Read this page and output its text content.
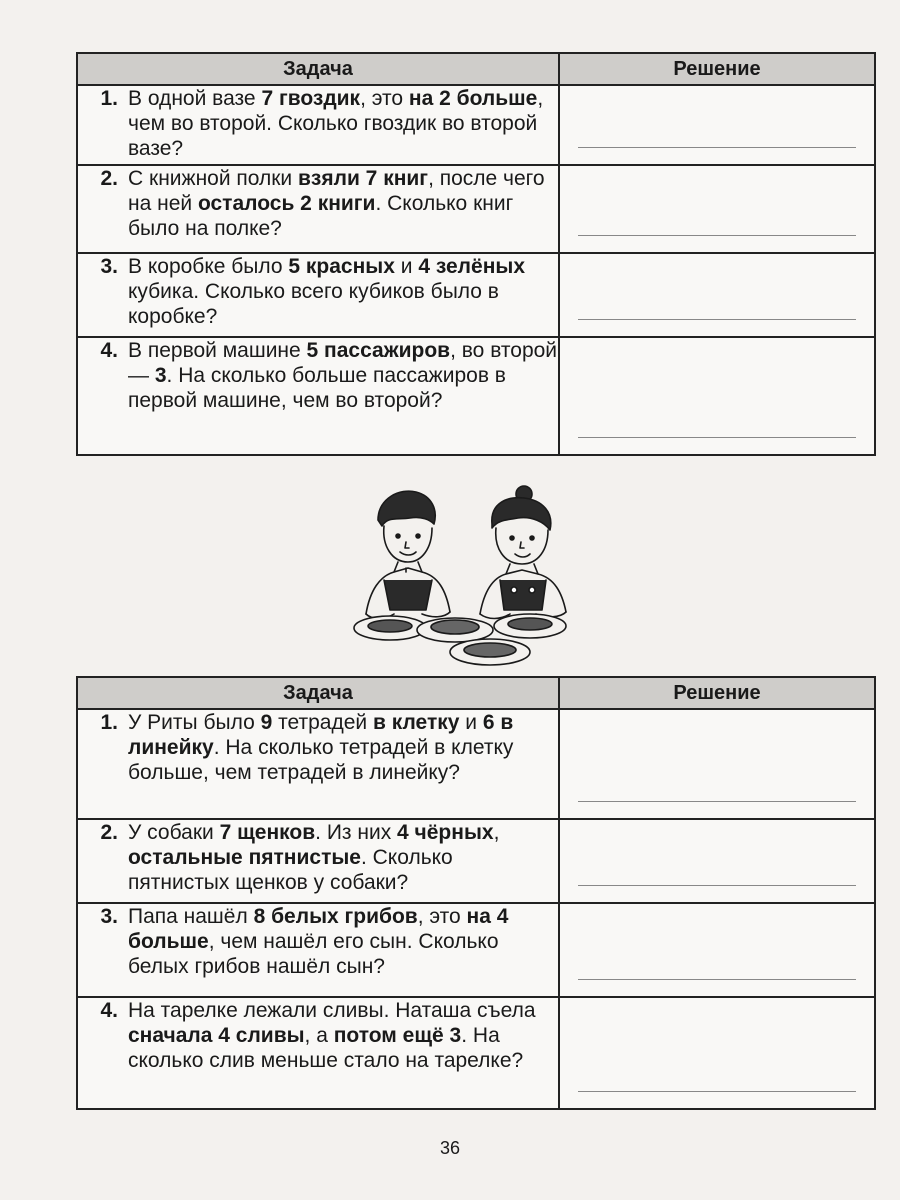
Задача	Решение

1. В одной вазе 7 гвоздик, это на 2 больше, чем во второй. Сколько гвоздик во второй вазе?	

2. С книжной полки взяли 7 книг, после чего на ней осталось 2 книги. Сколько книг было на полке?	

3. В коробке было 5 красных и 4 зелёных кубика. Сколько всего кубиков было в коробке?	

4. В первой машине 5 пассажиров, во второй — 3. На сколько больше пассажиров в первой машине, чем во второй?	

Задача	Решение

1. У Риты было 9 тетрадей в клетку и 6 в линейку. На сколько тетрадей в клетку больше, чем тетрадей в линейку?	

2. У собаки 7 щенков. Из них 4 чёрных, остальные пятнистые. Сколько пятнистых щенков у собаки?	

3. Папа нашёл 8 белых грибов, это на 4 больше, чем нашёл его сын. Сколько белых грибов нашёл сын?	

4. На тарелке лежали сливы. Наташа съела сначала 4 сливы, а потом ещё 3. На сколько слив меньше стало на тарелке?	

36
